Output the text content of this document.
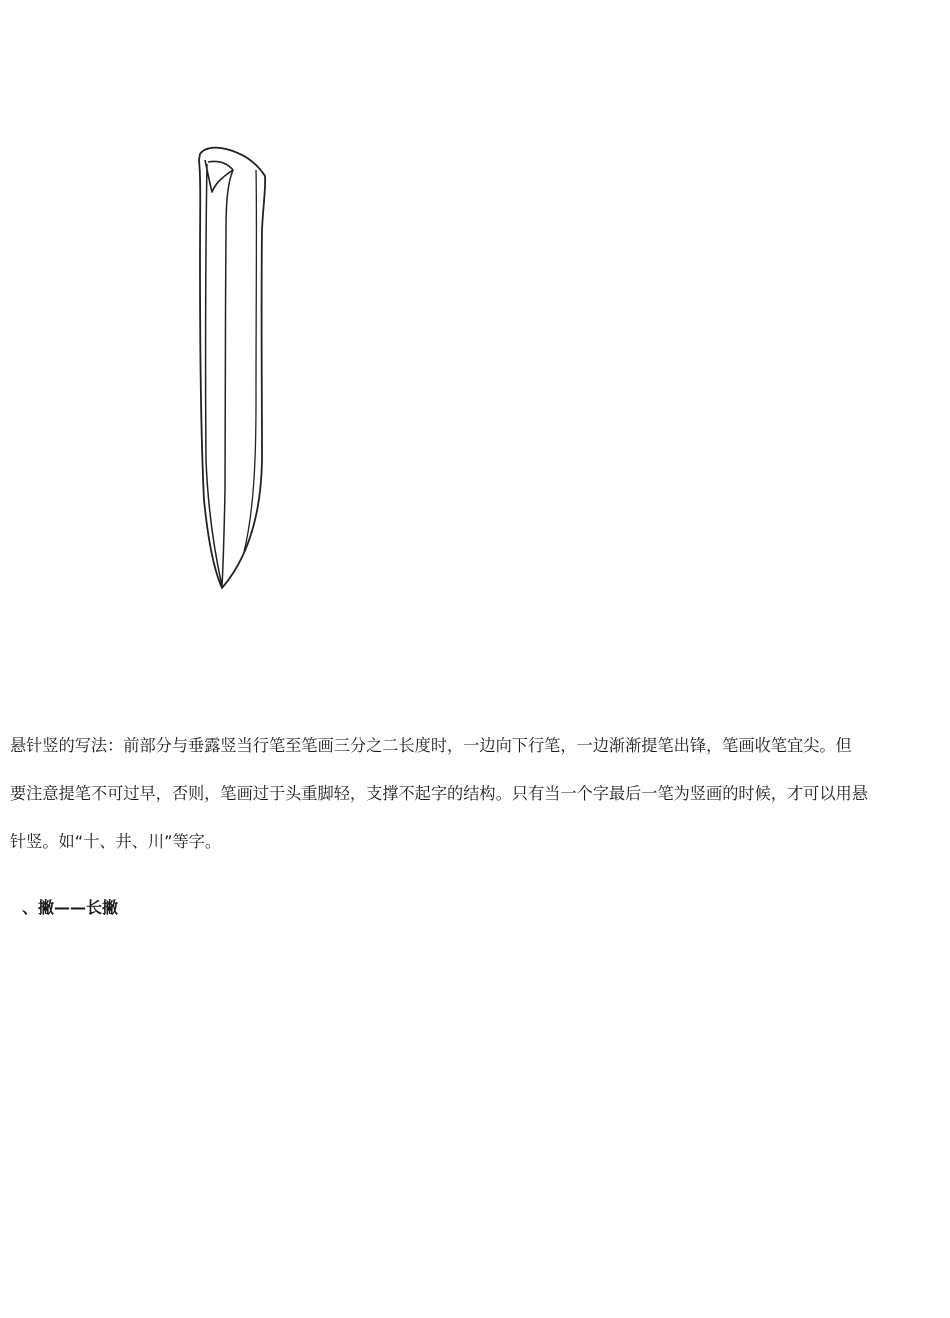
悬针竖的写法：前部分与垂露竖当行笔至笔画三分之二长度时，一边向下行笔，一边渐渐提笔出锋，笔画收笔宜尖。但
要注意提笔不可过早，否则，笔画过于头重脚轻，支撑不起字的结构。只有当一个字最后一笔为竖画的时候，才可以用悬
针竖。如“十、井、川”等字。

、撇——长撇
